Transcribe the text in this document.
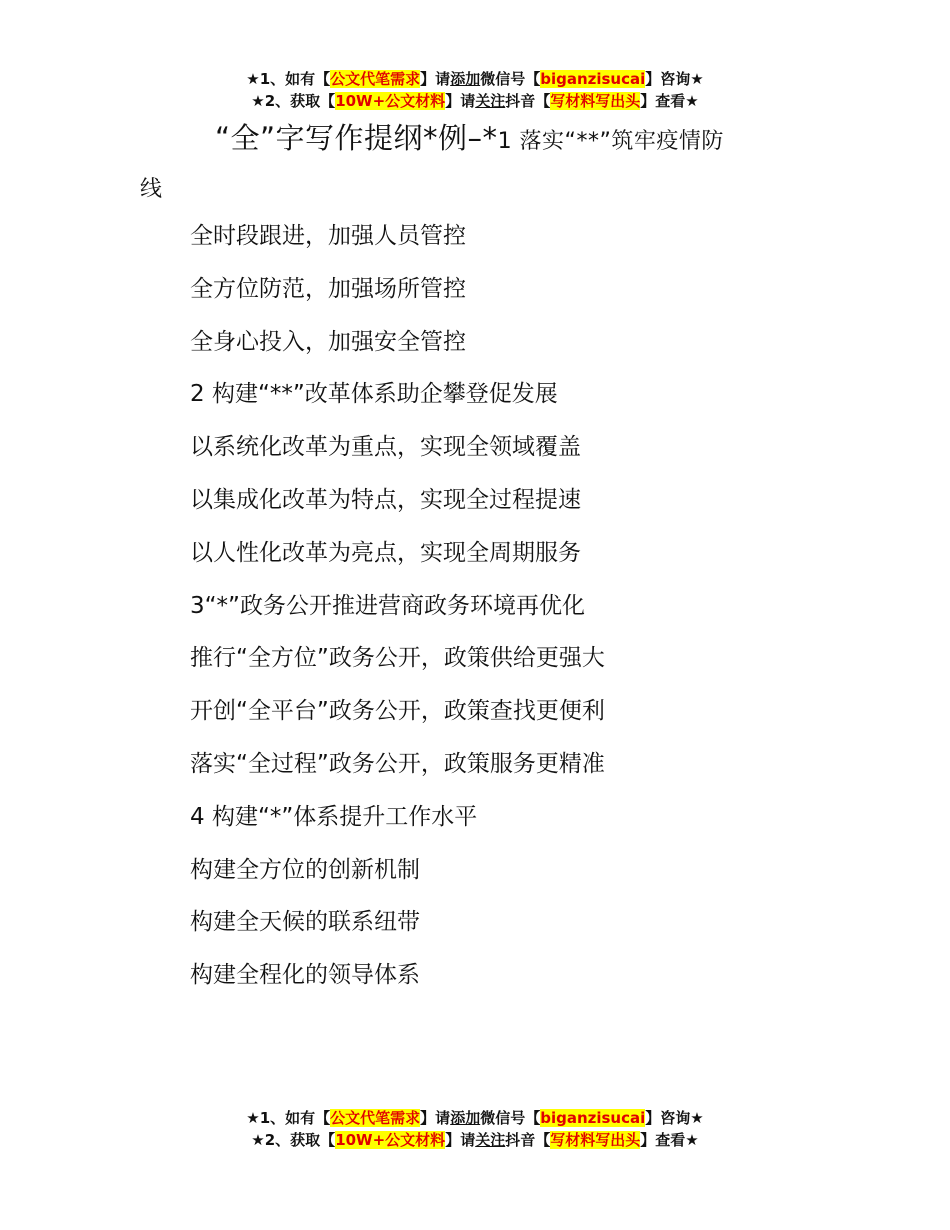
★1、如有【公文代笔需求】请添加微信号【biganzisucai】咨询★
★2、获取【10W+公文材料】请关注抖音【写材料写出头】查看★
“全”字写作提纲*例–*1 落实“**”筑牢疫情防
线
全时段跟进，加强人员管控
全方位防范，加强场所管控
全身心投入，加强安全管控
2 构建“**”改革体系助企攀登促发展
以系统化改革为重点，实现全领域覆盖
以集成化改革为特点，实现全过程提速
以人性化改革为亮点，实现全周期服务
3“*”政务公开推进营商政务环境再优化
推行“全方位”政务公开，政策供给更强大
开创“全平台”政务公开，政策查找更便利
落实“全过程”政务公开，政策服务更精准
4 构建“*”体系提升工作水平
构建全方位的创新机制
构建全天候的联系纽带
构建全程化的领导体系
★1、如有【公文代笔需求】请添加微信号【biganzisucai】咨询★
★2、获取【10W+公文材料】请关注抖音【写材料写出头】查看★
